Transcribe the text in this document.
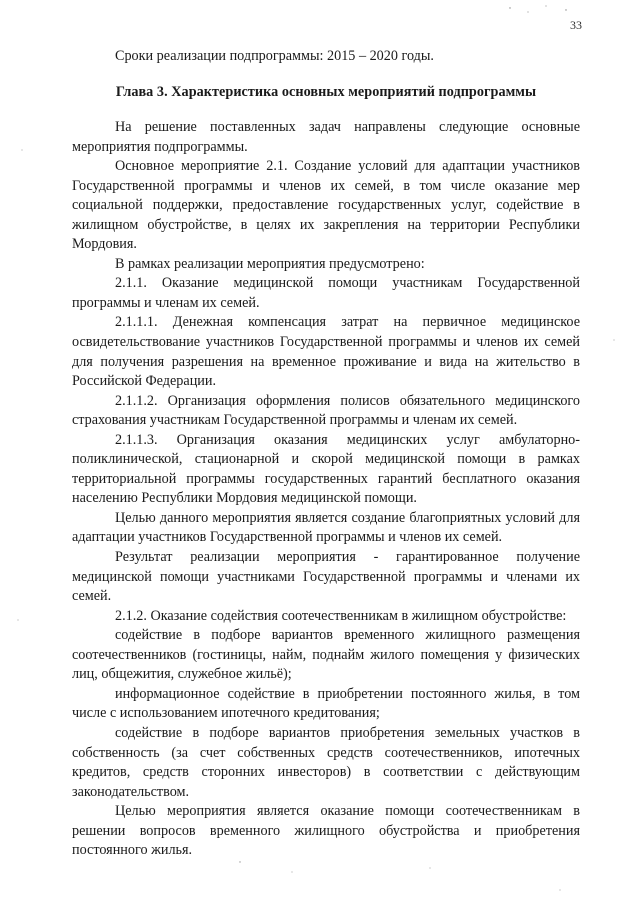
33
Сроки реализации подпрограммы: 2015 – 2020 годы.
Глава 3. Характеристика основных мероприятий подпрограммы

На решение поставленных задач направлены следующие основные мероприятия подпрограммы.

Основное мероприятие 2.1. Создание условий для адаптации участников Государственной программы и членов их семей, в том числе оказание мер социальной поддержки, предоставление государственных услуг, содействие в жилищном обустройстве, в целях их закрепления на территории Республики Мордовия.

В рамках реализации мероприятия предусмотрено:

2.1.1. Оказание медицинской помощи участникам Государственной программы и членам их семей.

2.1.1.1. Денежная компенсация затрат на первичное медицинское освидетельствование участников Государственной программы и членов их семей для получения разрешения на временное проживание и вида на жительство в Российской Федерации.

2.1.1.2. Организация оформления полисов обязательного медицинского страхования участникам Государственной программы и членам их семей.

2.1.1.3. Организация оказания медицинских услуг амбулаторно-поликлинической, стационарной и скорой медицинской помощи в рамках территориальной программы государственных гарантий бесплатного оказания населению Республики Мордовия медицинской помощи.

Целью данного мероприятия является создание благоприятных условий для адаптации участников Государственной программы и членов их семей.

Результат реализации мероприятия - гарантированное получение медицинской помощи участниками Государственной программы и членами их семей.

2.1.2. Оказание содействия соотечественникам в жилищном обустройстве:

содействие в подборе вариантов временного жилищного размещения соотечественников (гостиницы, найм, поднайм жилого помещения у физических лиц, общежития, служебное жильё);

информационное содействие в приобретении постоянного жилья, в том числе с использованием ипотечного кредитования;

содействие в подборе вариантов приобретения земельных участков в собственность (за счет собственных средств соотечественников, ипотечных кредитов, средств сторонних инвесторов) в соответствии с действующим законодательством.

Целью мероприятия является оказание помощи соотечественникам в решении вопросов временного жилищного обустройства и приобретения постоянного жилья.
